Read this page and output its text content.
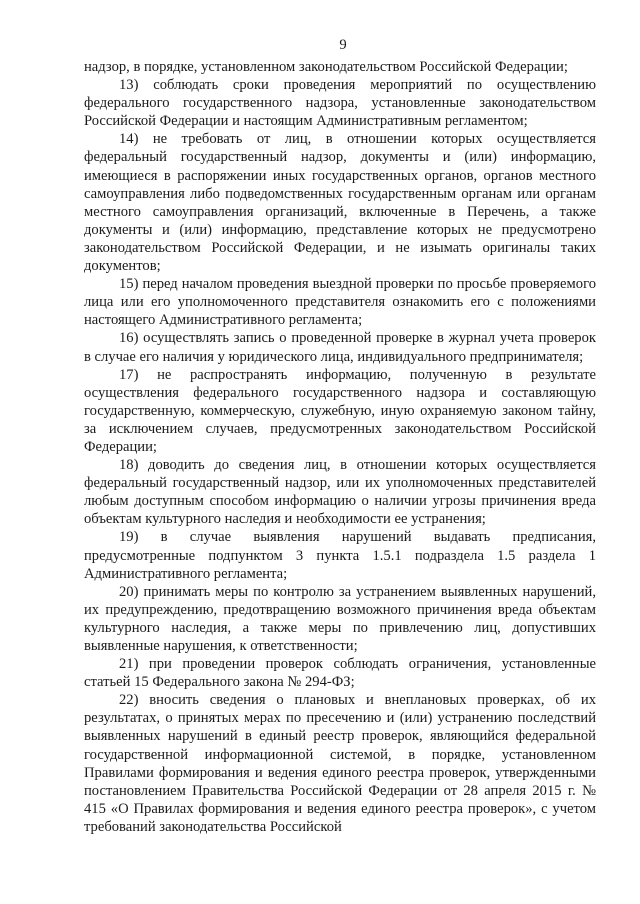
9

надзор, в порядке, установленном законодательством Российской Федерации;

13) соблюдать сроки проведения мероприятий по осуществлению федерального государственного надзора, установленные законодательством Российской Федерации и настоящим Административным регламентом;

14) не требовать от лиц, в отношении которых осуществляется федеральный государственный надзор, документы и (или) информацию, имеющиеся в распоряжении иных государственных органов, органов местного самоуправления либо подведомственных государственным органам или органам местного самоуправления организаций, включенные в Перечень, а также документы и (или) информацию, представление которых не предусмотрено законодательством Российской Федерации, и не изымать оригиналы таких документов;

15) перед началом проведения выездной проверки по просьбе проверяемого лица или его уполномоченного представителя ознакомить его с положениями настоящего Административного регламента;

16) осуществлять запись о проведенной проверке в журнал учета проверок в случае его наличия у юридического лица, индивидуального предпринимателя;

17) не распространять информацию, полученную в результате осуществления федерального государственного надзора и составляющую государственную, коммерческую, служебную, иную охраняемую законом тайну, за исключением случаев, предусмотренных законодательством Российской Федерации;

18) доводить до сведения лиц, в отношении которых осуществляется федеральный государственный надзор, или их уполномоченных представителей любым доступным способом информацию о наличии угрозы причинения вреда объектам культурного наследия и необходимости ее устранения;

19) в случае выявления нарушений выдавать предписания, предусмотренные подпунктом 3 пункта 1.5.1 подраздела 1.5 раздела 1 Административного регламента;

20) принимать меры по контролю за устранением выявленных нарушений, их предупреждению, предотвращению возможного причинения вреда объектам культурного наследия, а также меры по привлечению лиц, допустивших выявленные нарушения, к ответственности;

21) при проведении проверок соблюдать ограничения, установленные статьей 15 Федерального закона № 294-ФЗ;

22) вносить сведения о плановых и внеплановых проверках, об их результатах, о принятых мерах по пресечению и (или) устранению последствий выявленных нарушений в единый реестр проверок, являющийся федеральной государственной информационной системой, в порядке, установленном Правилами формирования и ведения единого реестра проверок, утвержденными постановлением Правительства Российской Федерации от 28 апреля 2015 г. № 415 «О Правилах формирования и ведения единого реестра проверок», с учетом требований законодательства Российской
